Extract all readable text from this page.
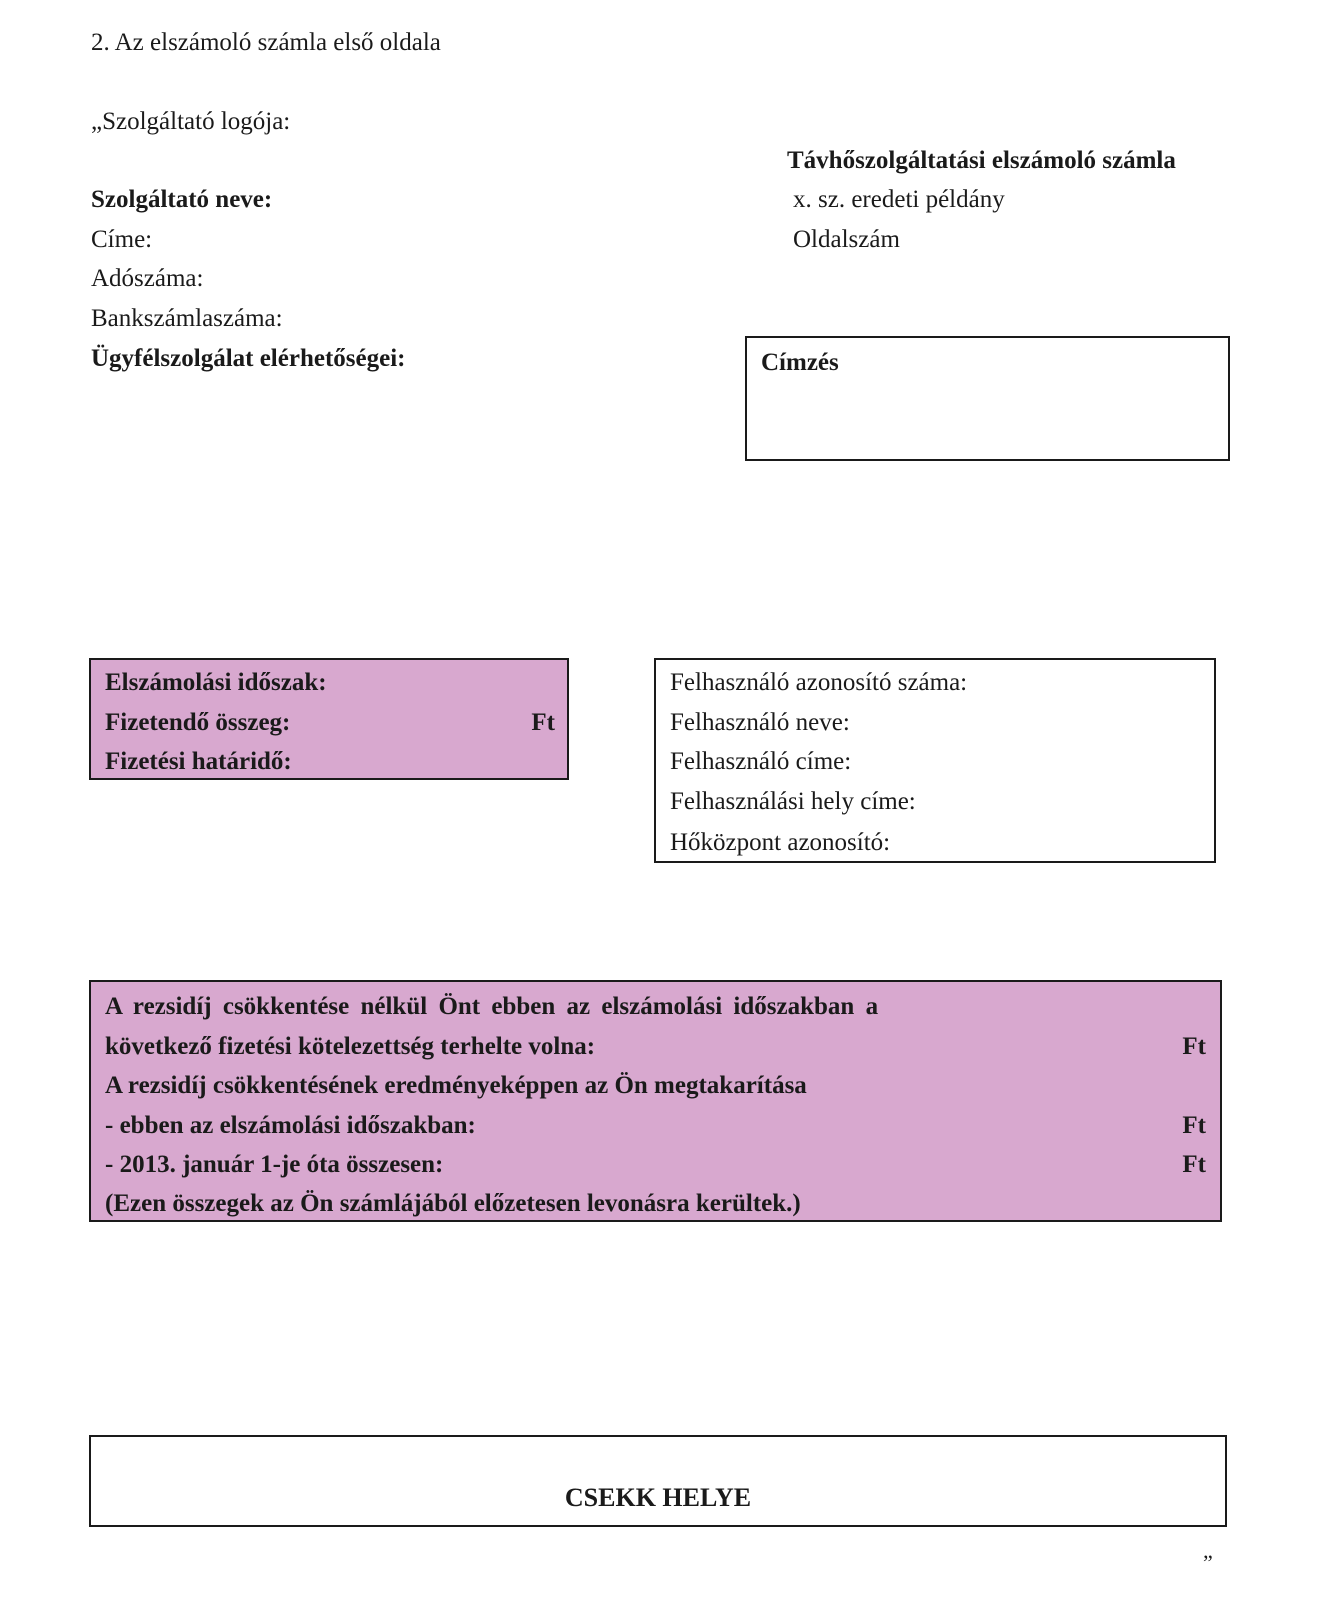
2. Az elszámoló számla első oldala
„Szolgáltató logója:
Távhőszolgáltatási elszámoló számla
x. sz. eredeti példány
Oldalszám
Szolgáltató neve:
Címe:
Adószáma:
Bankszámlaszáma:
Ügyfélszolgálat elérhetőségei:	Címzés
Elszámolási időszak:
Fizetendő összeg:	Ft
Fizetési határidő:
Felhasználó azonosító száma:
Felhasználó neve:
Felhasználó címe:
Felhasználási hely címe:
Hőközpont azonosító:
A rezsidíj csökkentése nélkül Önt ebben az elszámolási időszakban a
következő fizetési kötelezettség terhelte volna:	Ft
A rezsidíj csökkentésének eredményeképpen az Ön megtakarítása
- ebben az elszámolási időszakban:	Ft
- 2013. január 1-je óta összesen:	Ft
(Ezen összegek az Ön számlájából előzetesen levonásra kerültek.)
CSEKK HELYE
”
